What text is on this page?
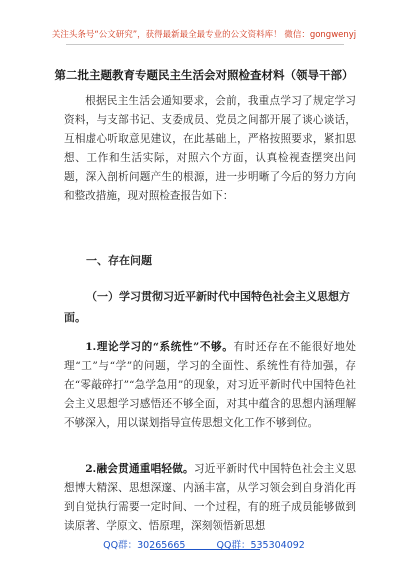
关注头条号“公文研究”，获得最新最全最专业的公文资料库！ 微信：gongwenyj
第二批主题教育专题民主生活会对照检查材料（领导干部）

根据民主生活会通知要求，会前，我重点学习了规定学习资料，与支部书记、支委成员、党员之间都开展了谈心谈话，互相虚心听取意见建议，在此基础上，严格按照要求，紧扣思想、工作和生活实际，对照六个方面，认真检视查摆突出问题，深入剖析问题产生的根源，进一步明晰了今后的努力方向和整改措施，现对照检查报告如下：

一、存在问题
（一）学习贯彻习近平新时代中国特色社会主义思想方面。

1.理论学习的“系统性”不够。有时还存在不能很好地处理“工”与“学”的问题，学习的全面性、系统性有待加强，存在“零敲碎打”“急学急用”的现象，对习近平新时代中国特色社会主义思想学习感悟还不够全面，对其中蕴含的思想内涵理解不够深入，用以谋划指导宣传思想文化工作不够到位。

2.融会贯通重唱轻做。习近平新时代中国特色社会主义思想博大精深、思想深邃、内涵丰富，从学习领会到自身消化再到自觉执行需要一定时间、一个过程，有的班子成员能够做到读原著、学原文、悟原理，深刻领悟新思想

QQ群：30265665	QQ群：535304092
